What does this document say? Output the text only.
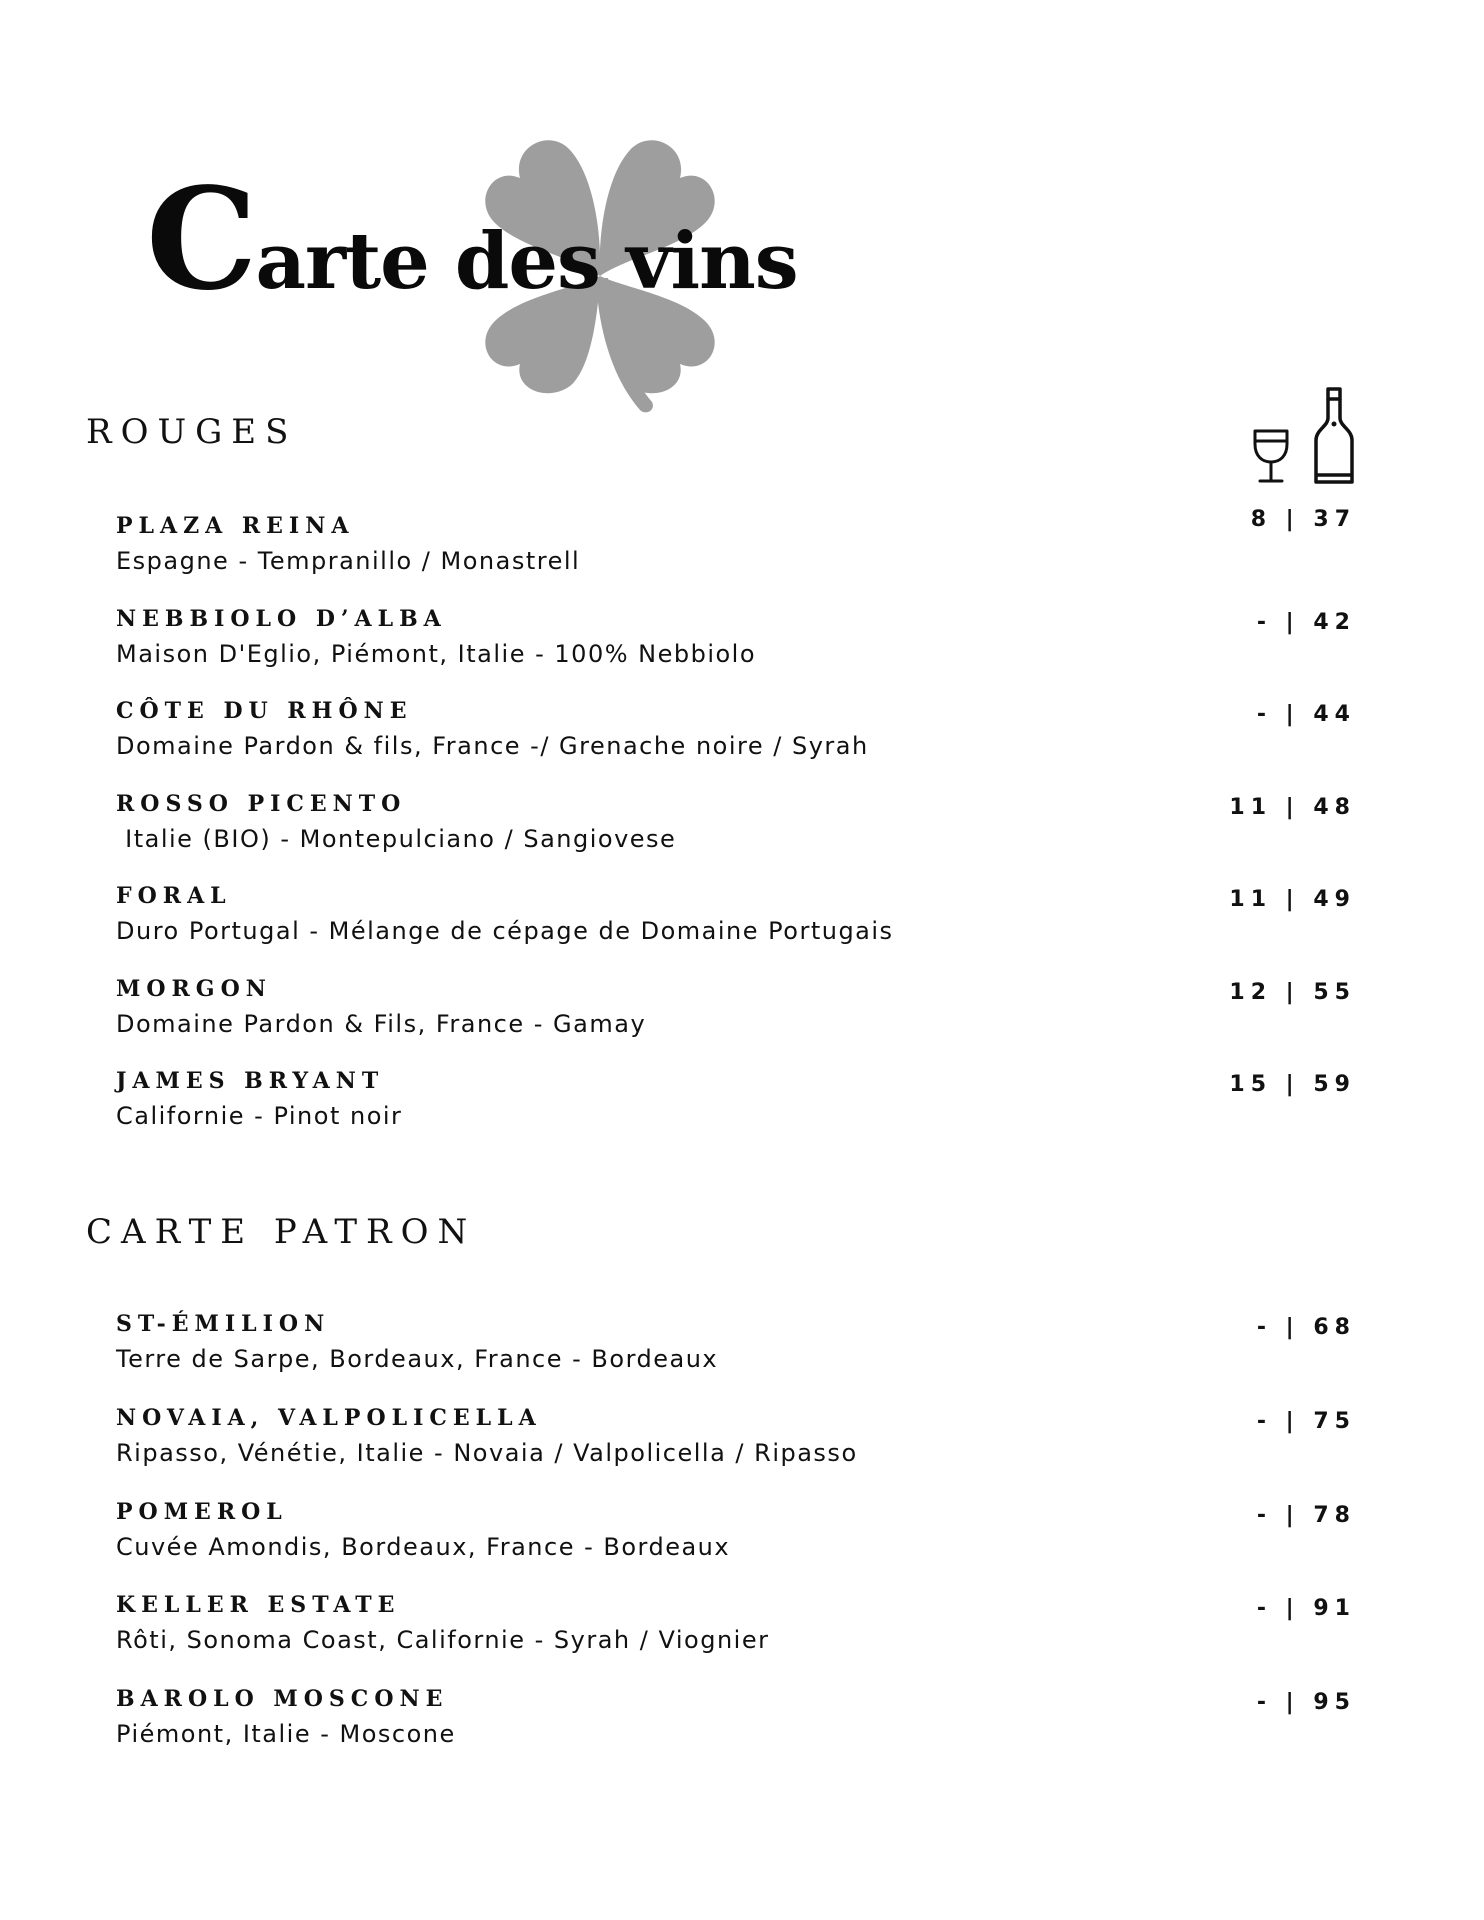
Carte des vins
ROUGES
PLAZA REINA
Espagne - Tempranillo / Monastrell
8 | 37
NEBBIOLO D’ALBA
Maison D'Eglio, Piémont, Italie - 100% Nebbiolo
- | 42
CÔTE DU RHÔNE
Domaine Pardon & fils, France -/ Grenache noire / Syrah
- | 44
ROSSO PICENTO
Italie (BIO) - Montepulciano / Sangiovese
11 | 48
FORAL
Duro Portugal - Mélange de cépage de Domaine Portugais
11 | 49
MORGON
Domaine Pardon & Fils, France - Gamay
12 | 55
JAMES BRYANT
Californie - Pinot noir
15 | 59
CARTE PATRON
ST-ÉMILION
Terre de Sarpe, Bordeaux, France - Bordeaux
- | 68
NOVAIA, VALPOLICELLA
Ripasso, Vénétie, Italie - Novaia / Valpolicella / Ripasso
- | 75
POMEROL
Cuvée Amondis, Bordeaux, France - Bordeaux
- | 78
KELLER ESTATE
Rôti, Sonoma Coast, Californie - Syrah / Viognier
- | 91
BAROLO MOSCONE
Piémont, Italie - Moscone
- | 95
